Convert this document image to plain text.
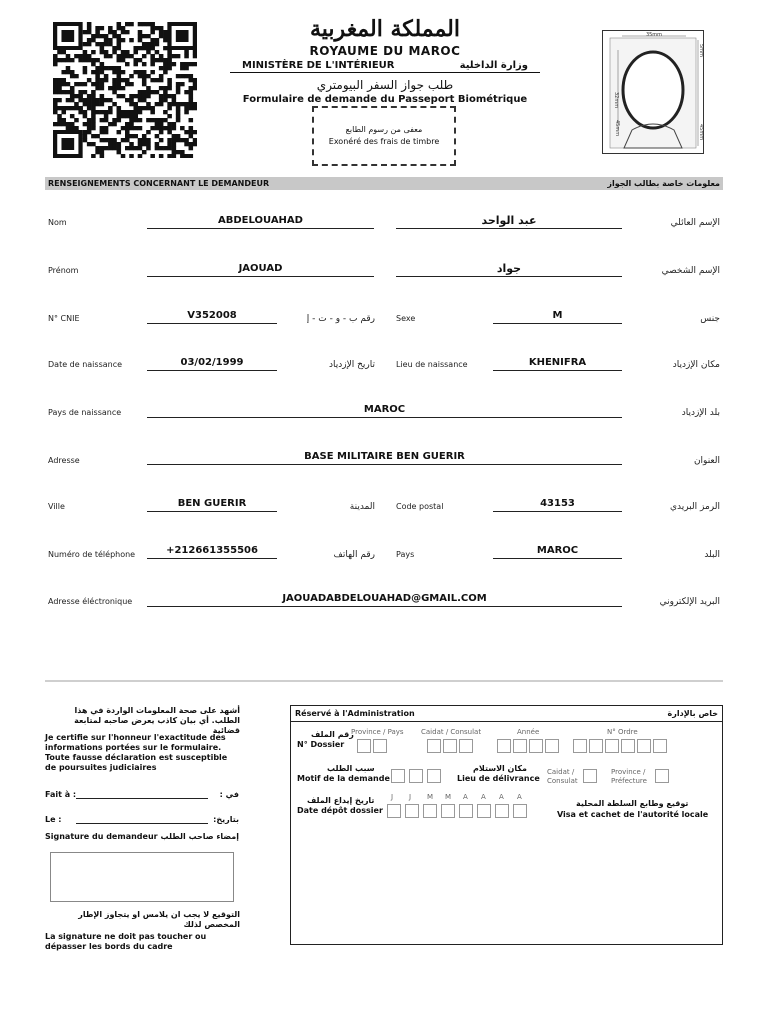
المملكة المغربية
ROYAUME DU MAROC
MINISTÈRE DE L'INTÉRIEUR	وزارة الداخلية
طلب جواز السفر البيومتري
Formulaire de demande du Passeport Biométrique
معفى من رسوم الطابع
Exonéré des frais de timbre
35mm
5mm
32mm
45mm	45mm
RENSEIGNEMENTS CONCERNANT LE DEMANDEUR	معلومات خاصة بطالب الجواز
Nom	ABDELOUAHAD	عبد الواحد	الإسم العائلي
Prénom	JAOUAD	جواد	الإسم الشخصي
N° CNIE	V352008	رقم ب - و - ت - إ	Sexe	M	جنس
Date de naissance	03/02/1999	تاريخ الإزدياد	Lieu de naissance	KHENIFRA	مكان الإزدياد
Pays de naissance	MAROC	بلد الإزدياد
Adresse	BASE MILITAIRE BEN GUERIR	العنوان
Ville	BEN GUERIR	المدينة	Code postal	43153	الرمز البريدي
Numéro de téléphone	+212661355506	رقم الهاتف	Pays	MAROC	البلد
Adresse éléctronique	JAOUADABDELOUAHAD@GMAIL.COM	البريد الإلكتروني
أشهد على صحة المعلومات الواردة في هذا الطلب. أي بيان كاذب يعرض صاحبه لمتابعة قضائية
Je certifie sur l'honneur l'exactitude des informations portées sur le formulaire. Toute fausse déclaration est susceptible de poursuites judiciaires
Fait à :	في :
Le :	بتاريخ:
Signature du demandeur إمضاء صاحب الطلب
التوقيع لا يجب ان يلامس او يتجاوز الإطار المخصص لذلك
La signature ne doit pas toucher ou dépasser les bords du cadre
Réservé à l'Administration	خاص بالإدارة
رقم الملف
N° Dossier
Province / Pays Caidat / Consulat	Année	N° Ordre
سبب الطلب
Motif de la demande
مكان الاستلام
Lieu de délivrance
Caidat / Consulat
Province / Préfecture
تاريخ إيداع الملف
Date dépôt dossier
J J M M A A A A
توقيع وطابع السلطة المحلية
Visa et cachet de l'autorité locale
